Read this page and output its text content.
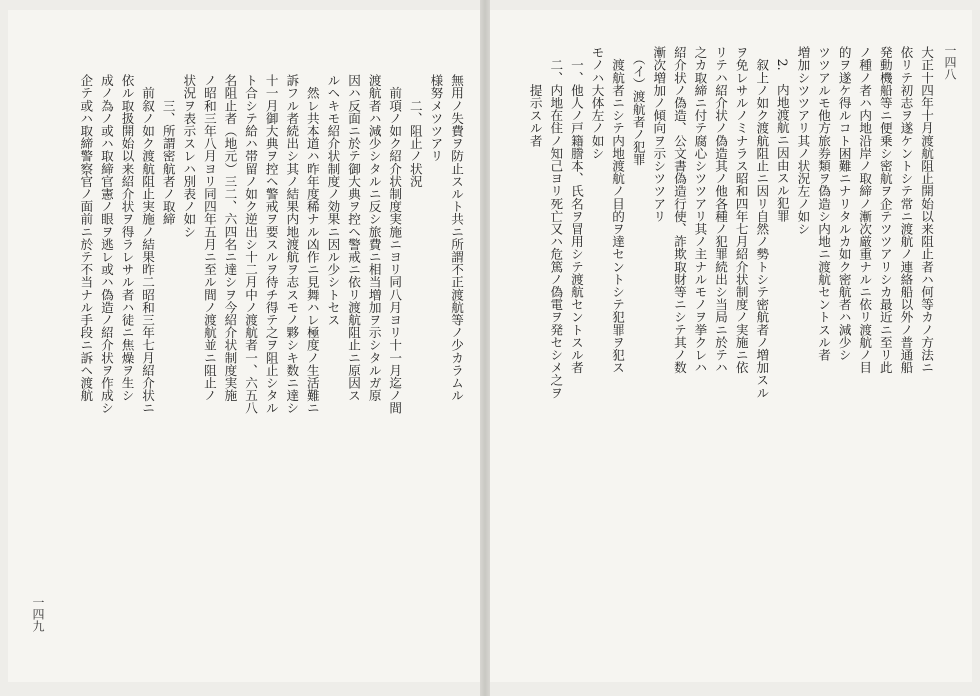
無用ノ失費ヲ防止スルト共ニ所謂不正渡航等ノ少カラムル
様努メツツアリ
　　二、阻止ノ状況
　前項ノ如ク紹介状制度実施ニヨリ同八月ヨリ十一月迄ノ間
渡航者ハ減少シタルニ反シ旅費ニ相当増加ヲ示シタルガ原
因ハ反面ニ於テ御大典ヲ控ヘ警戒ニ依リ渡航阻止ニ原因ス
ルヘキモ紹介状制度ノ効果ニ因ル少シトセス
　然レ共本道ハ昨年度稀ナル凶作ニ見舞ハレ極度ノ生活難ニ
訴フル者続出シ其ノ結果内地渡航ヲ志スモノ夥シキ数ニ達シ
十一月御大典ヲ控ヘ警戒ヲ要スルヲ待チ得テ之ヲ阻止シタル
ト合シテ給ハ帯留ノ如ク逆出シ十二月中ノ渡航者一、六五八
名阻止者（地元）三二、六四名ニ達シヲ今紹介状制度実施
ノ昭和三年八月ヨリ同四年五月ニ至ル間ノ渡航並ニ阻止ノ
状況ヲ表示スレハ別表ノ如シ
　　三、所謂密航者ノ取締
　前叙ノ如ク渡航阻止実施ノ結果昨二昭和三年七月紹介状ニ
依ル取扱開始以来紹介状ヲ得ラレサル者ハ徒ニ焦燥ヲ生シ
成ノ為ノ或ハ取締官憲ノ眼ヲ逃レ或ハ偽造ノ紹介状ヲ作成シ
企テ或ハ取締警察官ノ面前ニ於テ不当ナル手段ニ訴ヘ渡航
一四九
大正十四年十月渡航阻止開始以来阻止者ハ何等カノ方法ニ
依リテ初志ヲ遂ケントシテ常ニ渡航ノ連絡船以外ノ普通船
発動機船等ニ便乗シ密航ヲ企テツツアリシカ最近ニ至リ此
ノ種ノ者ハ内地沿岸ノ取締ノ漸次厳重ナルニ依リ渡航ノ目
的ヲ遂ケ得ルコト困難ニナリタルカ如ク密航者ハ減少シ
ツツアルモ他方旅券類ヲ偽造シ内地ニ渡航セントスル者
増加シツツアリ其ノ状況左ノ如シ
　2.　内地渡航ニ因由スル犯罪
　叙上ノ如ク渡航阻止ニ因リ自然ノ勢トシテ密航者ノ増加スル
ヲ免レサルノミナラス昭和四年七月紹介状制度ノ実施ニ依
リテハ紹介状ノ偽造其ノ他各種ノ犯罪続出シ当局ニ於テハ
之カ取締ニ付テ腐心シツツアリ其ノ主ナルモノヲ挙クレハ
紹介状ノ偽造、公文書偽造行使、詐欺取財等ニシテ其ノ数
漸次増加ノ傾向ヲ示シツツアリ
　（イ）渡航者ノ犯罪
　渡航者ニシテ内地渡航ノ目的ヲ達セントシテ犯罪ヲ犯ス
モノハ大体左ノ如シ
　一、他人ノ戸籍謄本、氏名ヲ冒用シテ渡航セントスル者
　二、内地在住ノ知己ヨリ死亡又ハ危篤ノ偽電ヲ発セシメ之ヲ
　　　提示スル者	一四八
